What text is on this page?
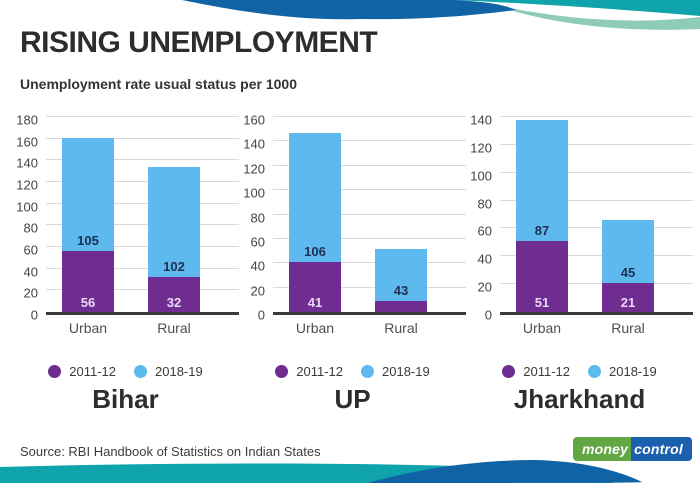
RISING UNEMPLOYMENT
Unemployment rate usual status per 1000
0
20
40
60
80
100
120
140
160
180
105
56
102
32
Urban	Rural
2011-12	2018-19
Bihar
0
20
40
60
80
100
120
140
160
106
41
43
Urban	Rural
2011-12	2018-19
UP
0
20
40
60
80
100
120
140
87
51
45
21
Urban	Rural
2011-12	2018-19
Jharkhand
Source: RBI Handbook of Statistics on Indian States	money control
